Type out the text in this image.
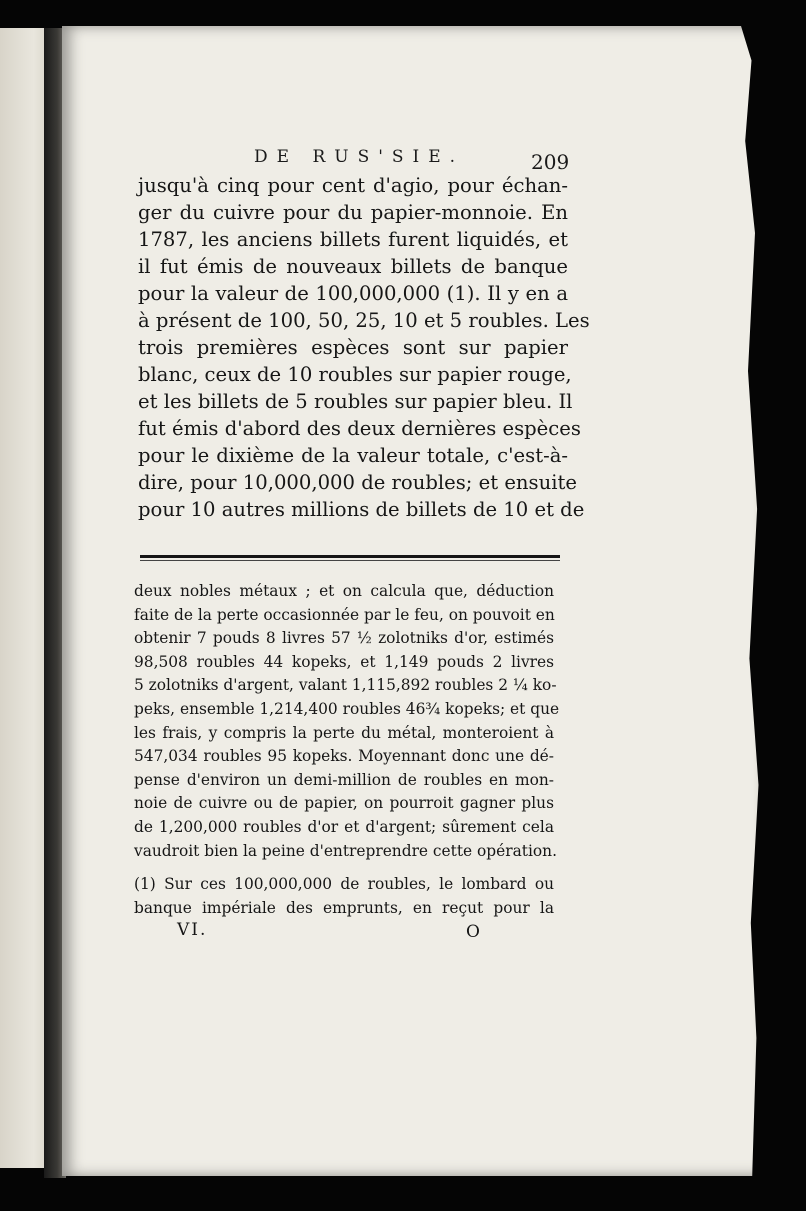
DE RUS'SIE.	209
jusqu'à cinq pour cent d'agio, pour échan-
ger du cuivre pour du papier-monnoie. En
1787, les anciens billets furent liquidés, et
il fut émis de nouveaux billets de banque
pour la valeur de 100,000,000 (1). Il y en a
à présent de 100, 50, 25, 10 et 5 roubles. Les
trois premières espèces sont sur papier
blanc, ceux de 10 roubles sur papier rouge,
et les billets de 5 roubles sur papier bleu. Il
fut émis d'abord des deux dernières espèces
pour le dixième de la valeur totale, c'est-à-
dire, pour 10,000,000 de roubles; et ensuite
pour 10 autres millions de billets de 10 et de
deux nobles métaux ; et on calcula que, déduction
faite de la perte occasionnée par le feu, on pouvoit en
obtenir 7 pouds 8 livres 57 ½ zolotniks d'or, estimés
98,508 roubles 44 kopeks, et 1,149 pouds 2 livres
5 zolotniks d'argent, valant 1,115,892 roubles 2 ¼ ko-
peks, ensemble 1,214,400 roubles 46¾ kopeks; et que
les frais, y compris la perte du métal, monteroient à
547,034 roubles 95 kopeks. Moyennant donc une dé-
pense d'environ un demi-million de roubles en mon-
noie de cuivre ou de papier, on pourroit gagner plus
de 1,200,000 roubles d'or et d'argent; sûrement cela
vaudroit bien la peine d'entreprendre cette opération.
(1) Sur ces 100,000,000 de roubles, le lombard ou
banque impériale des emprunts, en reçut pour la
VI.	O
